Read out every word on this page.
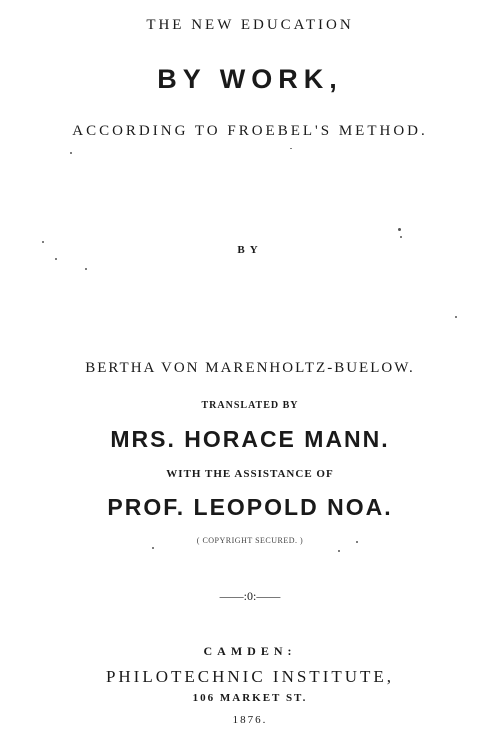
THE NEW EDUCATION
BY WORK,
ACCORDING TO FROEBEL'S METHOD.
BY
BERTHA VON MARENHOLTZ-BUELOW.
TRANSLATED BY
MRS. HORACE MANN.
WITH THE ASSISTANCE OF
PROF. LEOPOLD NOA.
( COPYRIGHT SECURED. )
——:0:——
CAMDEN:
PHILOTECHNIC INSTITUTE,
106 MARKET ST.
1876.
